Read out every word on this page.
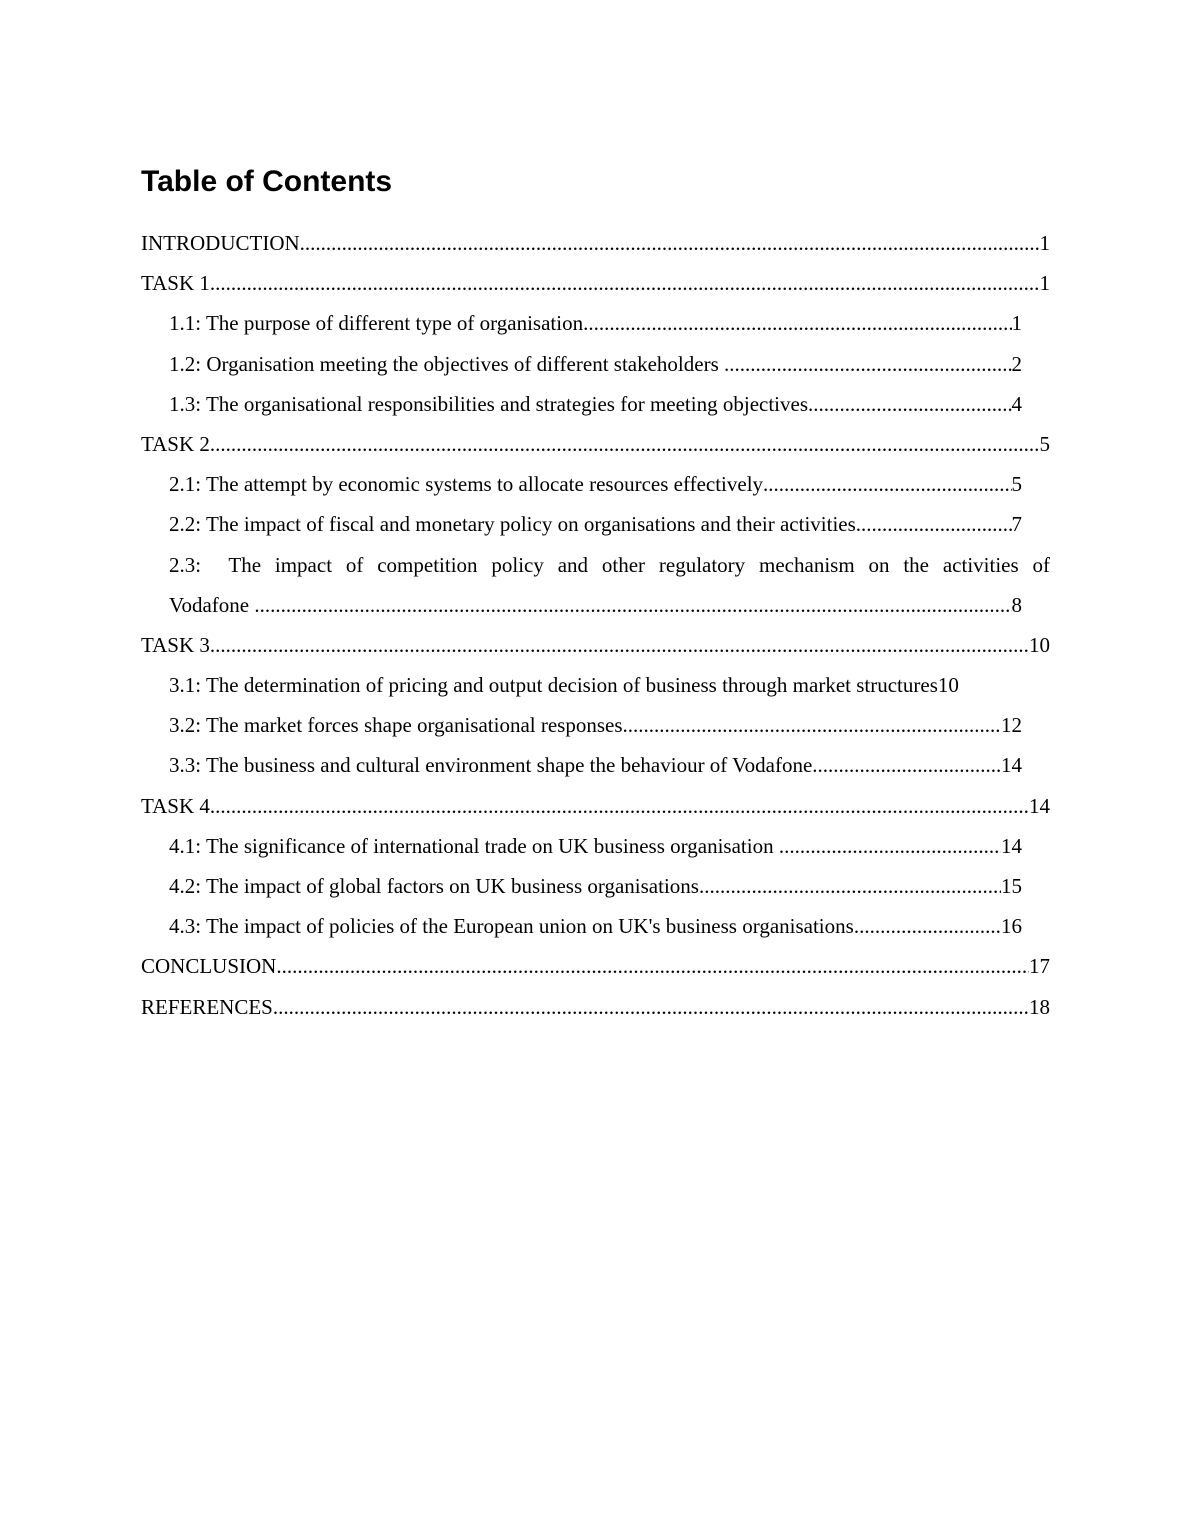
Table of Contents
INTRODUCTION .....	1
TASK 1 .....	1
1.1: The purpose of different type of organisation .....	1
1.2: Organisation meeting the objectives of different stakeholders .....	2
1.3: The organisational responsibilities and strategies for meeting objectives .....	4
TASK 2 .....	5
2.1: The attempt by economic systems to allocate resources effectively .....	5
2.2: The impact of fiscal and monetary policy on organisations and their activities .....	7
2.3:  The impact of competition policy and other regulatory mechanism on the activities of
Vodafone .....	8
TASK 3 .....	10
3.1: The determination of pricing and output decision of business through market structures 10
3.2: The market forces shape organisational responses .....	12
3.3: The business and cultural environment shape the behaviour of Vodafone .....	14
TASK 4 .....	14
4.1: The significance of international trade on UK business organisation .....	14
4.2: The impact of global factors on UK business organisations .....	15
4.3: The impact of policies of the European union on UK's business organisations .....	16
CONCLUSION .....	17
REFERENCES .....	18
